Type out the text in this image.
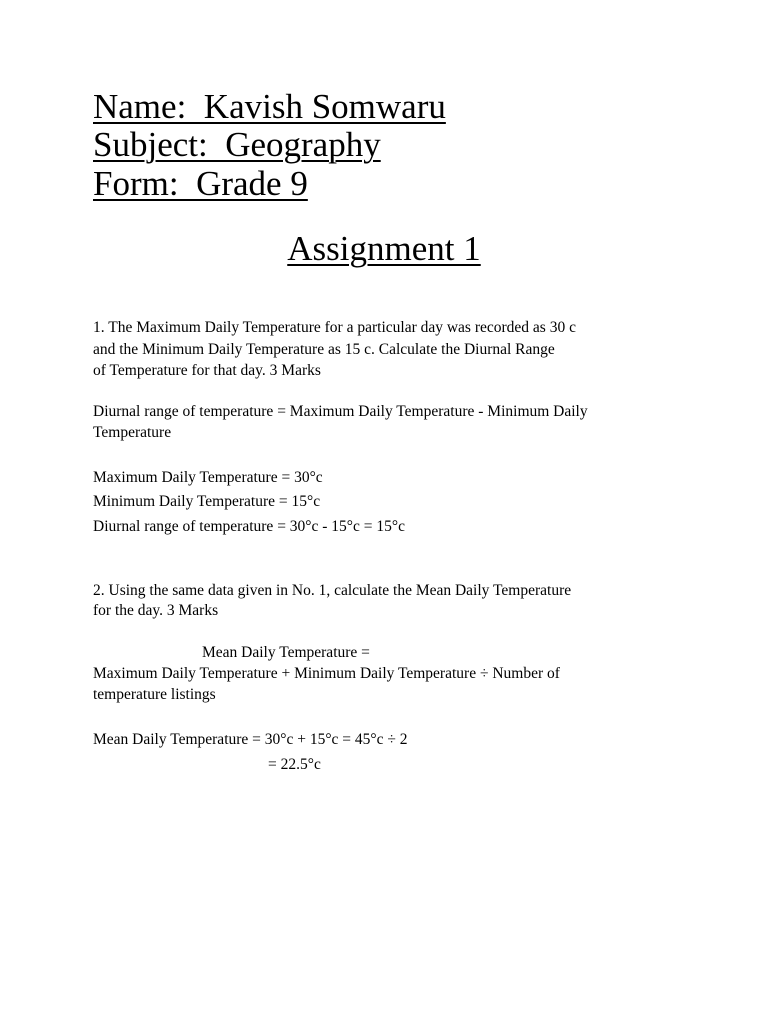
Name:  Kavish Somwaru
Subject:  Geography
Form:  Grade 9
Assignment 1
1. The Maximum Daily Temperature for a particular day was recorded as 30 c
and the Minimum Daily Temperature as 15 c. Calculate the Diurnal Range
of Temperature for that day. 3 Marks
Diurnal range of temperature = Maximum Daily Temperature - Minimum Daily
Temperature
Maximum Daily Temperature = 30°c
Minimum Daily Temperature = 15°c
Diurnal range of temperature = 30°c - 15°c = 15°c
2. Using the same data given in No. 1, calculate the Mean Daily Temperature
for the day. 3 Marks
Mean Daily Temperature =
Maximum Daily Temperature + Minimum Daily Temperature ÷ Number of
temperature listings
Mean Daily Temperature = 30°c + 15°c = 45°c ÷ 2
= 22.5°c
